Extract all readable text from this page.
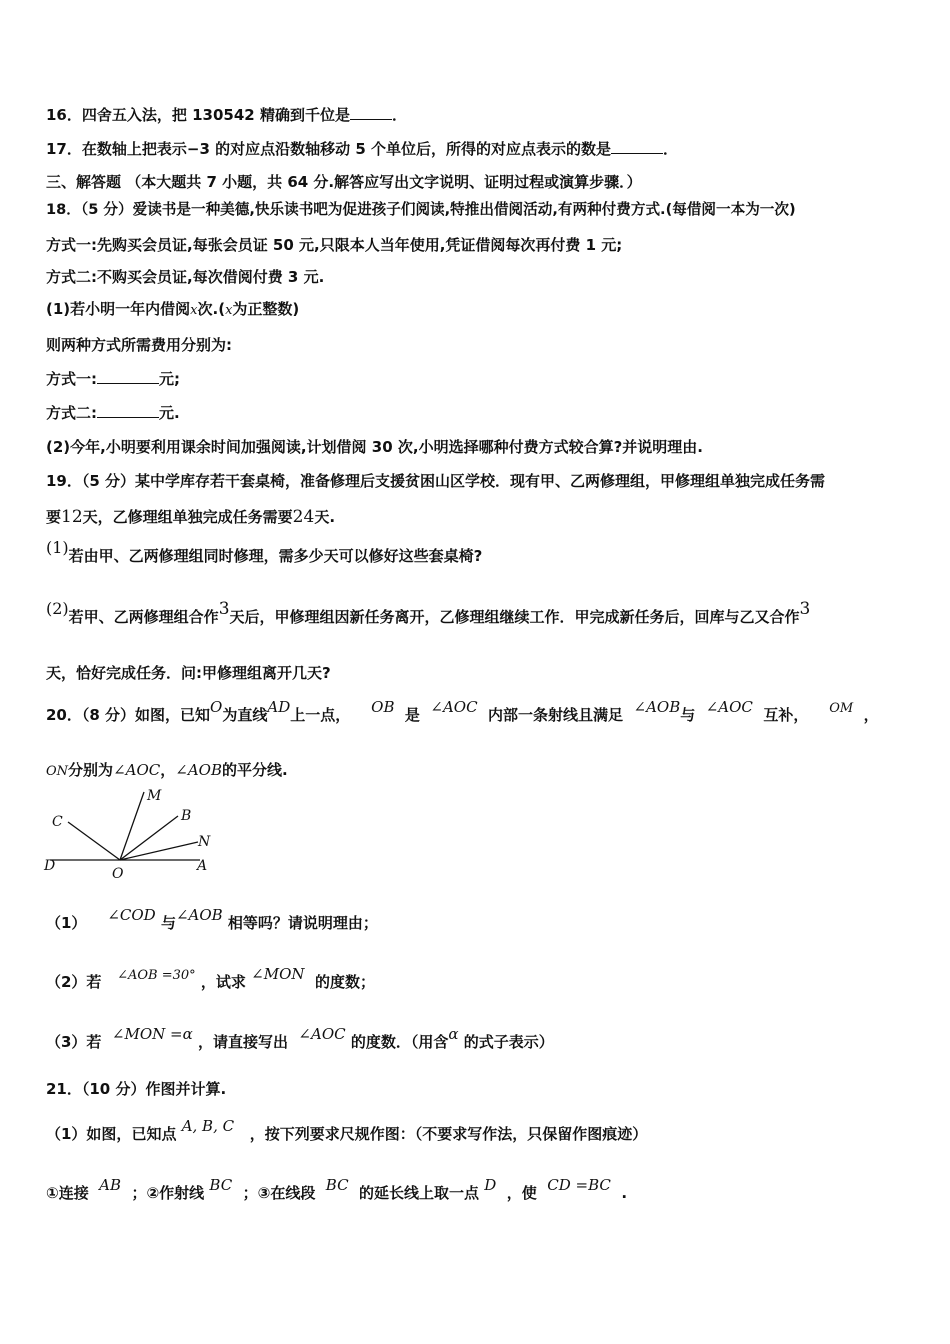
16．四舍五入法，把 130542 精确到千位是	．
17．在数轴上把表示−3 的对应点沿数轴移动 5 个单位后，所得的对应点表示的数是	．
三、解答题 （本大题共 7 小题，共 64 分.解答应写出文字说明、证明过程或演算步骤．）
18．（5 分）爱读书是一种美德,快乐读书吧为促进孩子们阅读,特推出借阅活动,有两种付费方式.(每借阅一本为一次)
方式一:先购买会员证,每张会员证 50 元,只限本人当年使用,凭证借阅每次再付费 1 元;
方式二:不购买会员证,每次借阅付费 3 元.
(1)若小明一年内借阅x次.(x为正整数)
则两种方式所需费用分别为:
方式一:	元;
方式二:	元.
(2)今年,小明要利用课余时间加强阅读,计划借阅 30 次,小明选择哪种付费方式较合算?并说明理由.
19．（5 分）某中学库存若干套桌椅，准备修理后支援贫困山区学校．现有甲、乙两修理组，甲修理组单独完成任务需
要12天，乙修理组单独完成任务需要24天.
(1)若由甲、乙两修理组同时修理，需多少天可以修好这些套桌椅?
(2)若甲、乙两修理组合作3天后，甲修理组因新任务离开，乙修理组继续工作．甲完成新任务后，回库与乙又合作3
天，恰好完成任务．问:甲修理组离开几天?
20．（8 分）如图，已知O为直线AD上一点， OB 是 ∠AOC 内部一条射线且满足 ∠AOB与 ∠AOC 互补， OM ，
ON分别为∠AOC，∠AOB的平分线.
C
M
B
N
D	A
O
（1） ∠COD 与∠AOB 相等吗？请说明理由；
（2）若 ∠AOB =30° ，试求 ∠MON 的度数；
（3）若 ∠MON =α ，请直接写出 ∠AOC 的度数．（用含α 的式子表示）
21．（10 分）作图并计算.
（1）如图，已知点 A, B, C ，按下列要求尺规作图：（不要求写作法，只保留作图痕迹）
①连接 AB ；②作射线 BC ；③在线段 BC 的延长线上取一点 D ，使 CD =BC .
